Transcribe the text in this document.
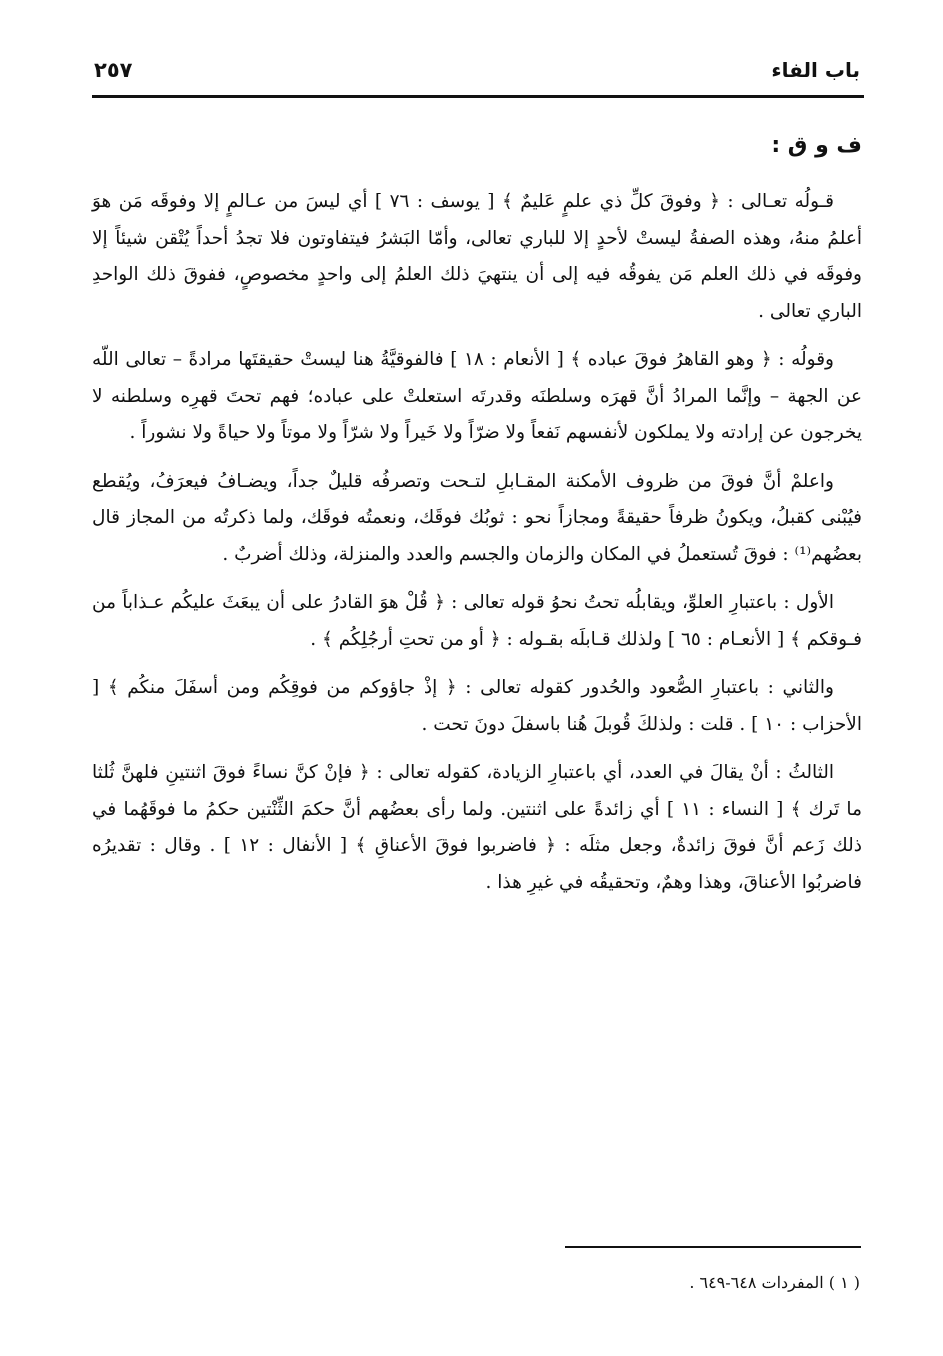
باب الفاء
٢٥٧
ف و ق :

قـولُه تعـالى : ﴿ وفوقَ كلِّ ذي علمٍ عَليمٌ ﴾ [ يوسف : ٧٦ ] أي ليسَ من عـالمٍ إلا وفوقَه مَن هوَ أعلمُ منهُ، وهذه الصفةُ ليستْ لأحدٍ إلا للباري تعالى، وأمّا البَشرُ فيتفاوتون فلا تجدُ أحداً يُتْقن شيئاً إلا وفوقَه في ذلك العلم مَن يفوقُه فيه إلى أن ينتهيَ ذلك العلمُ إلى واحدٍ مخصوصٍ، ففوقَ ذلك الواحدِ الباري تعالى .

وقولُه : ﴿ وهو القاهرُ فوقَ عباده ﴾ [ الأنعام : ١٨ ] فالفوقيَّةُ هنا ليستْ حقيقتَها مرادةً – تعالى اللّه عن الجهة – وإنَّما المرادُ أنَّ قهرَه وسلطنَه وقدرتَه استعلتْ على عباده؛ فهم تحتَ قهرِه وسلطنه لا يخرجون عن إرادته ولا يملكون لأنفسهم نَفعاً ولا ضرّاً ولا خَيراً ولا شرّاً ولا موتاً ولا حياةً ولا نشوراً .

واعلمْ أنَّ فوقَ من ظروف الأمكنة المقـابلِ لتـحت وتصرفُه قليلٌ جداً، ويضـافُ فيعرَفُ، ويُقطع فيُبْنى كقبلُ، ويكونُ ظرفاً حقيقةً ومجازاً نحو : ثوبُك فوقَك، ونعمتُه فوقَك، ولما ذكرتُه من المجاز قال بعضُهم⁽¹⁾ : فوقَ تُستعملُ في المكان والزمان والجسم والعدد والمنزلة، وذلك أضربٌ .

الأول : باعتبارِ العلوِّ، ويقابلُه تحتُ نحوُ قوله تعالى : ﴿ قُلْ هوَ القادرُ على أن يبعَثَ عليكُم عـذاباً من فـوقكم ﴾ [ الأنعـام : ٦٥ ] ولذلك قـابلَه بقـوله : ﴿ أو من تحتِ أرجُلِكُم ﴾ .

والثاني : باعتبارِ الصُّعود والحُدور كقوله تعالى : ﴿ إذْ جاؤوكم من فوقِكُم ومن أسفَلَ منكُم ﴾ [ الأحزاب : ١٠ ] . قلت : ولذلكَ قُوبلَ هُنا باسفلَ دونَ تحت .

الثالثُ : أنْ يقالَ في العدد، أي باعتبارِ الزيادة، كقوله تعالى : ﴿ فإنْ كنَّ نساءً فوقَ اثنتينِ فلهنَّ ثُلثا ما تَرك ﴾ [ النساء : ١١ ] أي زائدةً على اثنتين. ولما رأى بعضُهم أنَّ حكمَ الثِّنْتين حكمُ ما فوقَهُما في ذلك زَعم أنَّ فوقَ زائدةٌ، وجعل مثلَه : ﴿ فاضربوا فوقَ الأعناقِ ﴾ [ الأنفال : ١٢ ] . وقال : تقديرُه فاضربُوا الأعناقَ، وهذا وهمٌ، وتحقيقُه في غيرِ هذا .

( ١ ) المفردات ٦٤٨-٦٤٩ .
